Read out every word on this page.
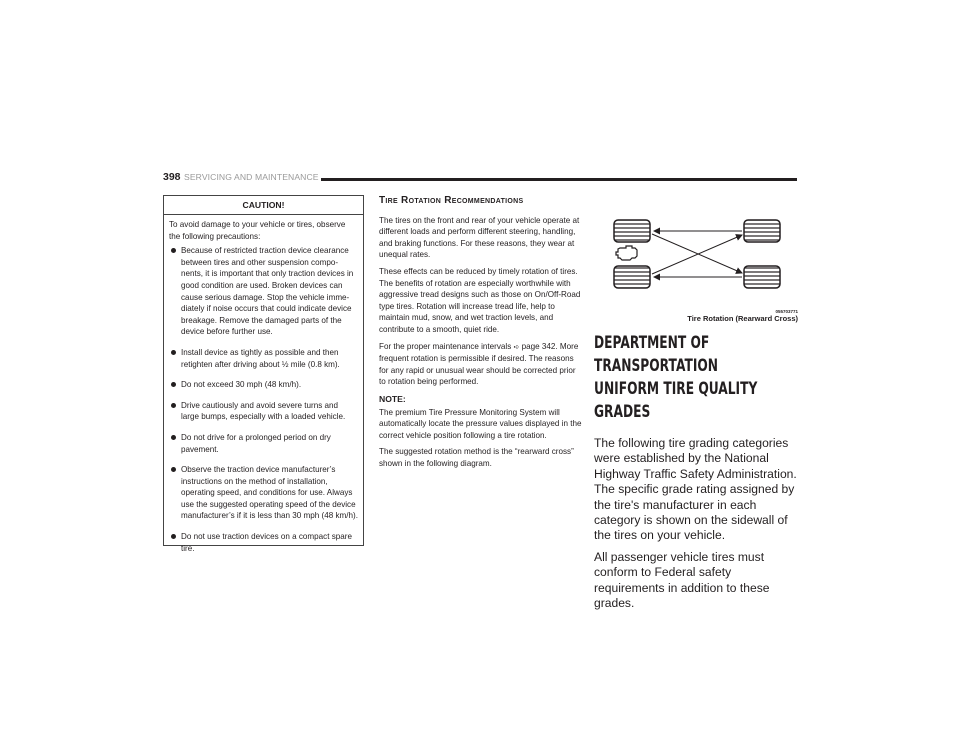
398 SERVICING AND MAINTENANCE
CAUTION!

To avoid damage to your vehicle or tires, observe the following precautions:

Because of restricted traction device clearance between tires and other suspension compo-nents, it is important that only traction devices in good condition are used. Broken devices can cause serious damage. Stop the vehicle imme-diately if noise occurs that could indicate device breakage. Remove the damaged parts of the device before further use.
Install device as tightly as possible and then retighten after driving about ½ mile (0.8 km).
Do not exceed 30 mph (48 km/h).
Drive cautiously and avoid severe turns and large bumps, especially with a loaded vehicle.
Do not drive for a prolonged period on dry pavement.
Observe the traction device manufacturer’s instructions on the method of installation, operating speed, and conditions for use. Always use the suggested operating speed of the device manufacturer’s if it is less than 30 mph (48 km/h).
Do not use traction devices on a compact spare tire.
Tire Rotation Recommendations

The tires on the front and rear of your vehicle operate at different loads and perform different steering, handling, and braking functions. For these reasons, they wear at unequal rates.

These effects can be reduced by timely rotation of tires. The benefits of rotation are especially worthwhile with aggressive tread designs such as those on On/Off-Road type tires. Rotation will increase tread life, help to maintain mud, snow, and wet traction levels, and contribute to a smooth, quiet ride.

For the proper maintenance intervals ➪ page 342. More frequent rotation is permissible if desired. The reasons for any rapid or unusual wear should be corrected prior to rotation being performed.

NOTE:

The premium Tire Pressure Monitoring System will automatically locate the pressure values displayed in the correct vehicle position following a tire rotation.

The suggested rotation method is the “rearward cross” shown in the following diagram.

055703771
Tire Rotation (Rearward Cross)
DEPARTMENT OF TRANSPORTATION
UNIFORM TIRE QUALITY GRADES

The following tire grading categories were established by the National Highway Traffic Safety Administration. The specific grade rating assigned by the tire's manufacturer in each category is shown on the sidewall of the tires on your vehicle.

All passenger vehicle tires must conform to Federal safety requirements in addition to these grades.
